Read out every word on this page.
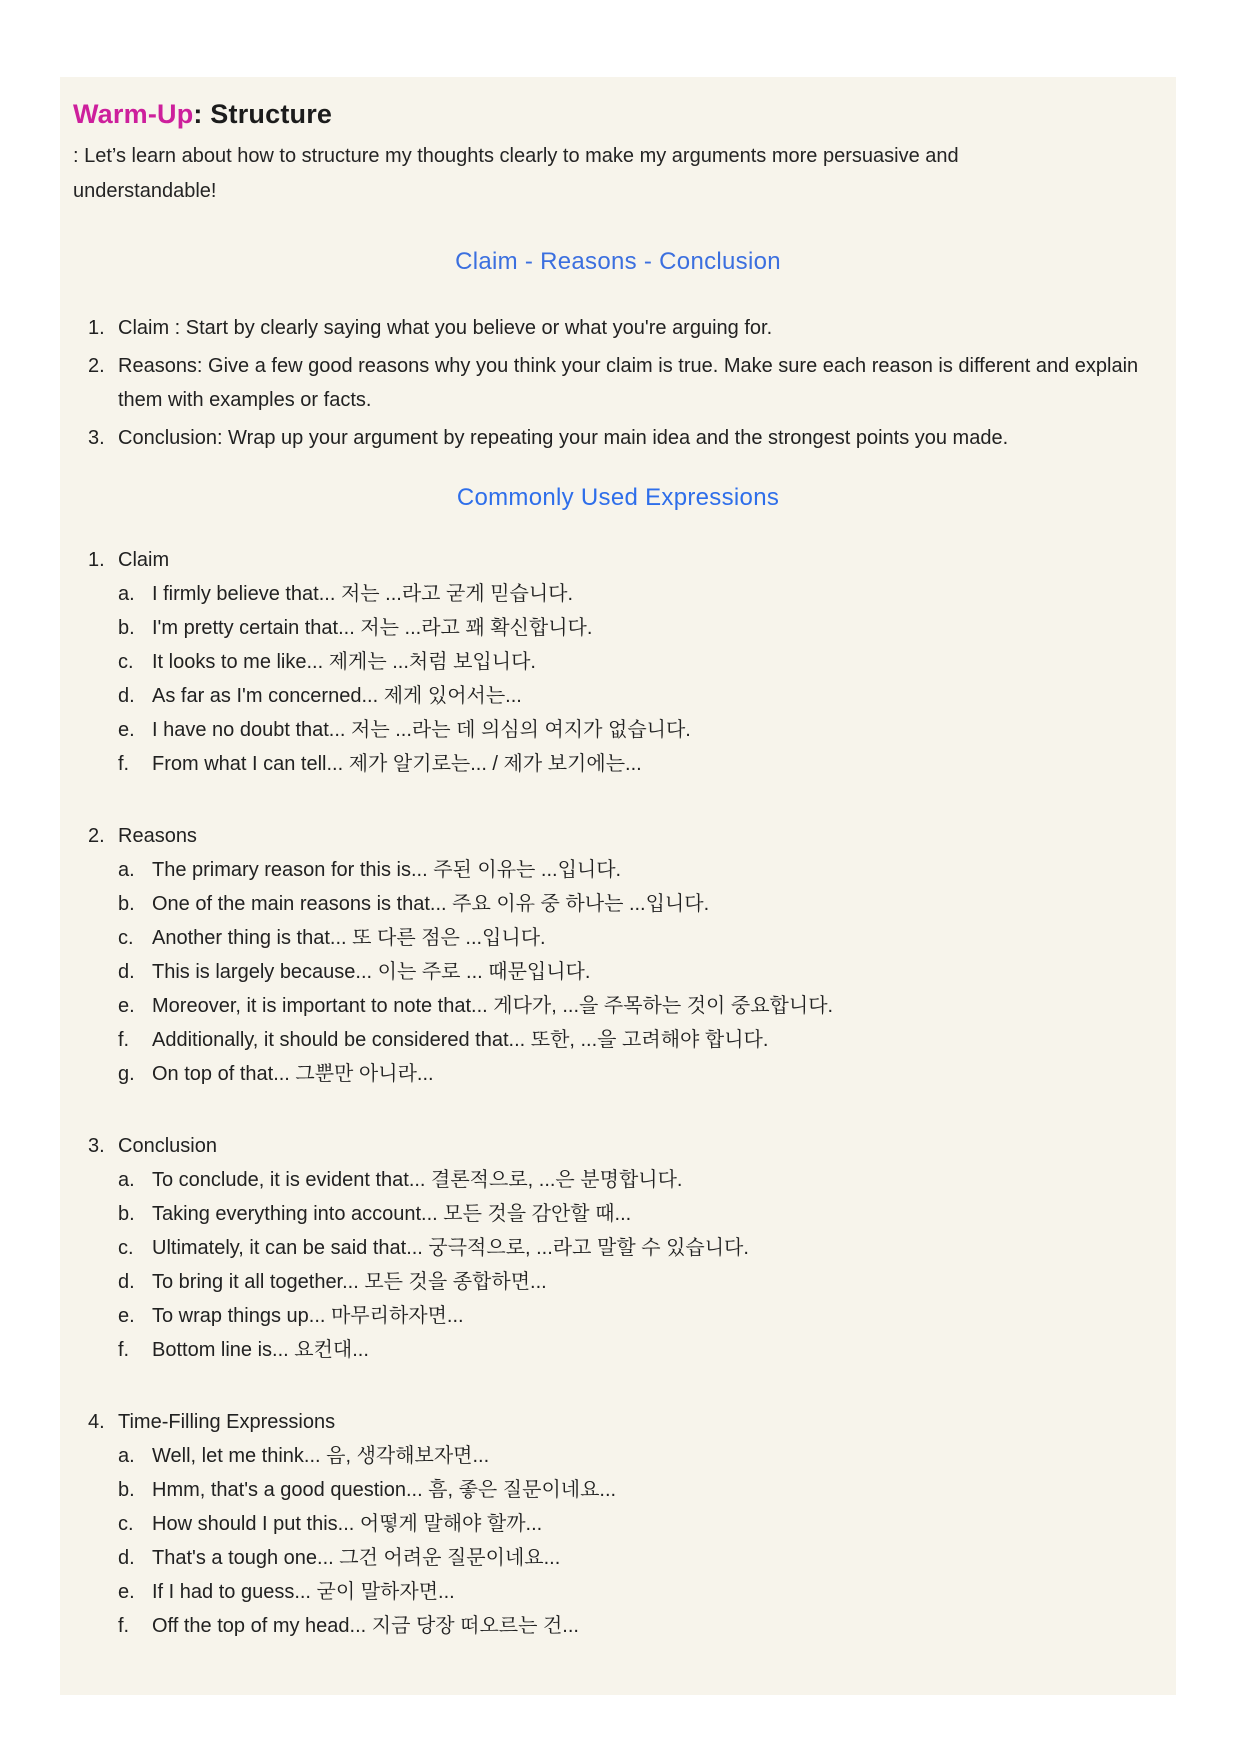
Warm-Up: Structure

: Let’s learn about how to structure my thoughts clearly to make my arguments more persuasive and understandable!

Claim - Reasons - Conclusion
1. Claim : Start by clearly saying what you believe or what you're arguing for.
2. Reasons: Give a few good reasons why you think your claim is true. Make sure each reason is different and explain them with examples or facts.
3. Conclusion: Wrap up your argument by repeating your main idea and the strongest points you made.
Commonly Used Expressions
1. Claim
a. I firmly believe that... 저는 ...라고 굳게 믿습니다.
b. I'm pretty certain that... 저는 ...라고 꽤 확신합니다.
c. It looks to me like... 제게는 ...처럼 보입니다.
d. As far as I'm concerned... 제게 있어서는...
e. I have no doubt that... 저는 ...라는 데 의심의 여지가 없습니다.
f.	From what I can tell... 제가 알기로는... / 제가 보기에는...
2. Reasons
a. The primary reason for this is... 주된 이유는 ...입니다.
b. One of the main reasons is that... 주요 이유 중 하나는 ...입니다.
c. Another thing is that... 또 다른 점은 ...입니다.
d. This is largely because... 이는 주로 ... 때문입니다.
e. Moreover, it is important to note that... 게다가, ...을 주목하는 것이 중요합니다.
f.	Additionally, it should be considered that... 또한, ...을 고려해야 합니다.
g. On top of that... 그뿐만 아니라...
3. Conclusion
a. To conclude, it is evident that... 결론적으로, ...은 분명합니다.
b. Taking everything into account... 모든 것을 감안할 때...
c. Ultimately, it can be said that... 궁극적으로, ...라고 말할 수 있습니다.
d. To bring it all together... 모든 것을 종합하면...
e. To wrap things up... 마무리하자면...
f.	Bottom line is... 요컨대...
4. Time-Filling Expressions
a. Well, let me think... 음, 생각해보자면...
b. Hmm, that's a good question... 흠, 좋은 질문이네요...
c. How should I put this... 어떻게 말해야 할까...
d. That's a tough one... 그건 어려운 질문이네요...
e. If I had to guess... 굳이 말하자면...
f.	Off the top of my head... 지금 당장 떠오르는 건...
